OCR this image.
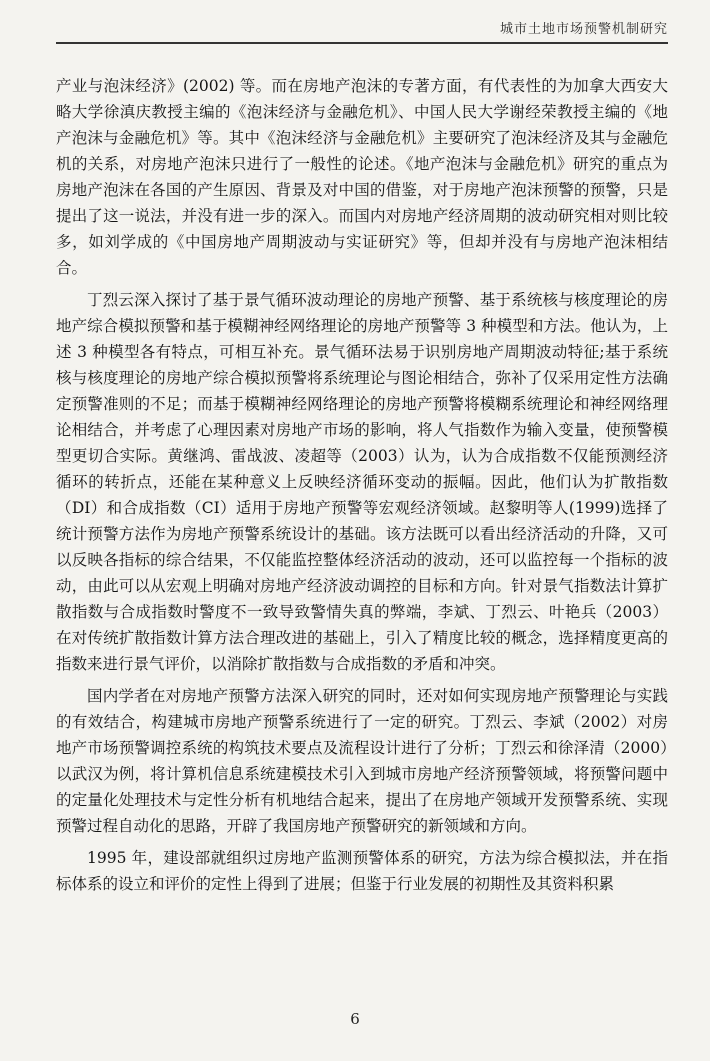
城市土地市场预警机制研究

产业与泡沫经济》(2002) 等。而在房地产泡沫的专著方面，有代表性的为加拿大西安大略大学徐滇庆教授主编的《泡沫经济与金融危机》、中国人民大学谢经荣教授主编的《地产泡沫与金融危机》等。其中《泡沫经济与金融危机》主要研究了泡沫经济及其与金融危机的关系，对房地产泡沫只进行了一般性的论述。《地产泡沫与金融危机》研究的重点为房地产泡沫在各国的产生原因、背景及对中国的借鉴，对于房地产泡沫预警的预警，只是提出了这一说法，并没有进一步的深入。而国内对房地产经济周期的波动研究相对则比较多，如刘学成的《中国房地产周期波动与实证研究》等，但却并没有与房地产泡沫相结合。

丁烈云深入探讨了基于景气循环波动理论的房地产预警、基于系统核与核度理论的房地产综合模拟预警和基于模糊神经网络理论的房地产预警等 3 种模型和方法。他认为，上述 3 种模型各有特点，可相互补充。景气循环法易于识别房地产周期波动特征;基于系统核与核度理论的房地产综合模拟预警将系统理论与图论相结合，弥补了仅采用定性方法确定预警准则的不足；而基于模糊神经网络理论的房地产预警将模糊系统理论和神经网络理论相结合，并考虑了心理因素对房地产市场的影响，将人气指数作为输入变量，使预警模型更切合实际。黄继鸿、雷战波、凌超等（2003）认为，认为合成指数不仅能预测经济循环的转折点，还能在某种意义上反映经济循环变动的振幅。因此，他们认为扩散指数（DI）和合成指数（CI）适用于房地产预警等宏观经济领域。赵黎明等人(1999)选择了统计预警方法作为房地产预警系统设计的基础。该方法既可以看出经济活动的升降，又可以反映各指标的综合结果，不仅能监控整体经济活动的波动，还可以监控每一个指标的波动，由此可以从宏观上明确对房地产经济波动调控的目标和方向。针对景气指数法计算扩散指数与合成指数时警度不一致导致警情失真的弊端，李斌、丁烈云、叶艳兵（2003）在对传统扩散指数计算方法合理改进的基础上，引入了精度比较的概念，选择精度更高的指数来进行景气评价，以消除扩散指数与合成指数的矛盾和冲突。

国内学者在对房地产预警方法深入研究的同时，还对如何实现房地产预警理论与实践的有效结合，构建城市房地产预警系统进行了一定的研究。丁烈云、李斌（2002）对房地产市场预警调控系统的构筑技术要点及流程设计进行了分析；丁烈云和徐泽清（2000）以武汉为例，将计算机信息系统建模技术引入到城市房地产经济预警领域，将预警问题中的定量化处理技术与定性分析有机地结合起来，提出了在房地产领域开发预警系统、实现预警过程自动化的思路，开辟了我国房地产预警研究的新领域和方向。

1995 年，建设部就组织过房地产监测预警体系的研究，方法为综合模拟法，并在指标体系的设立和评价的定性上得到了进展；但鉴于行业发展的初期性及其资料积累

6
